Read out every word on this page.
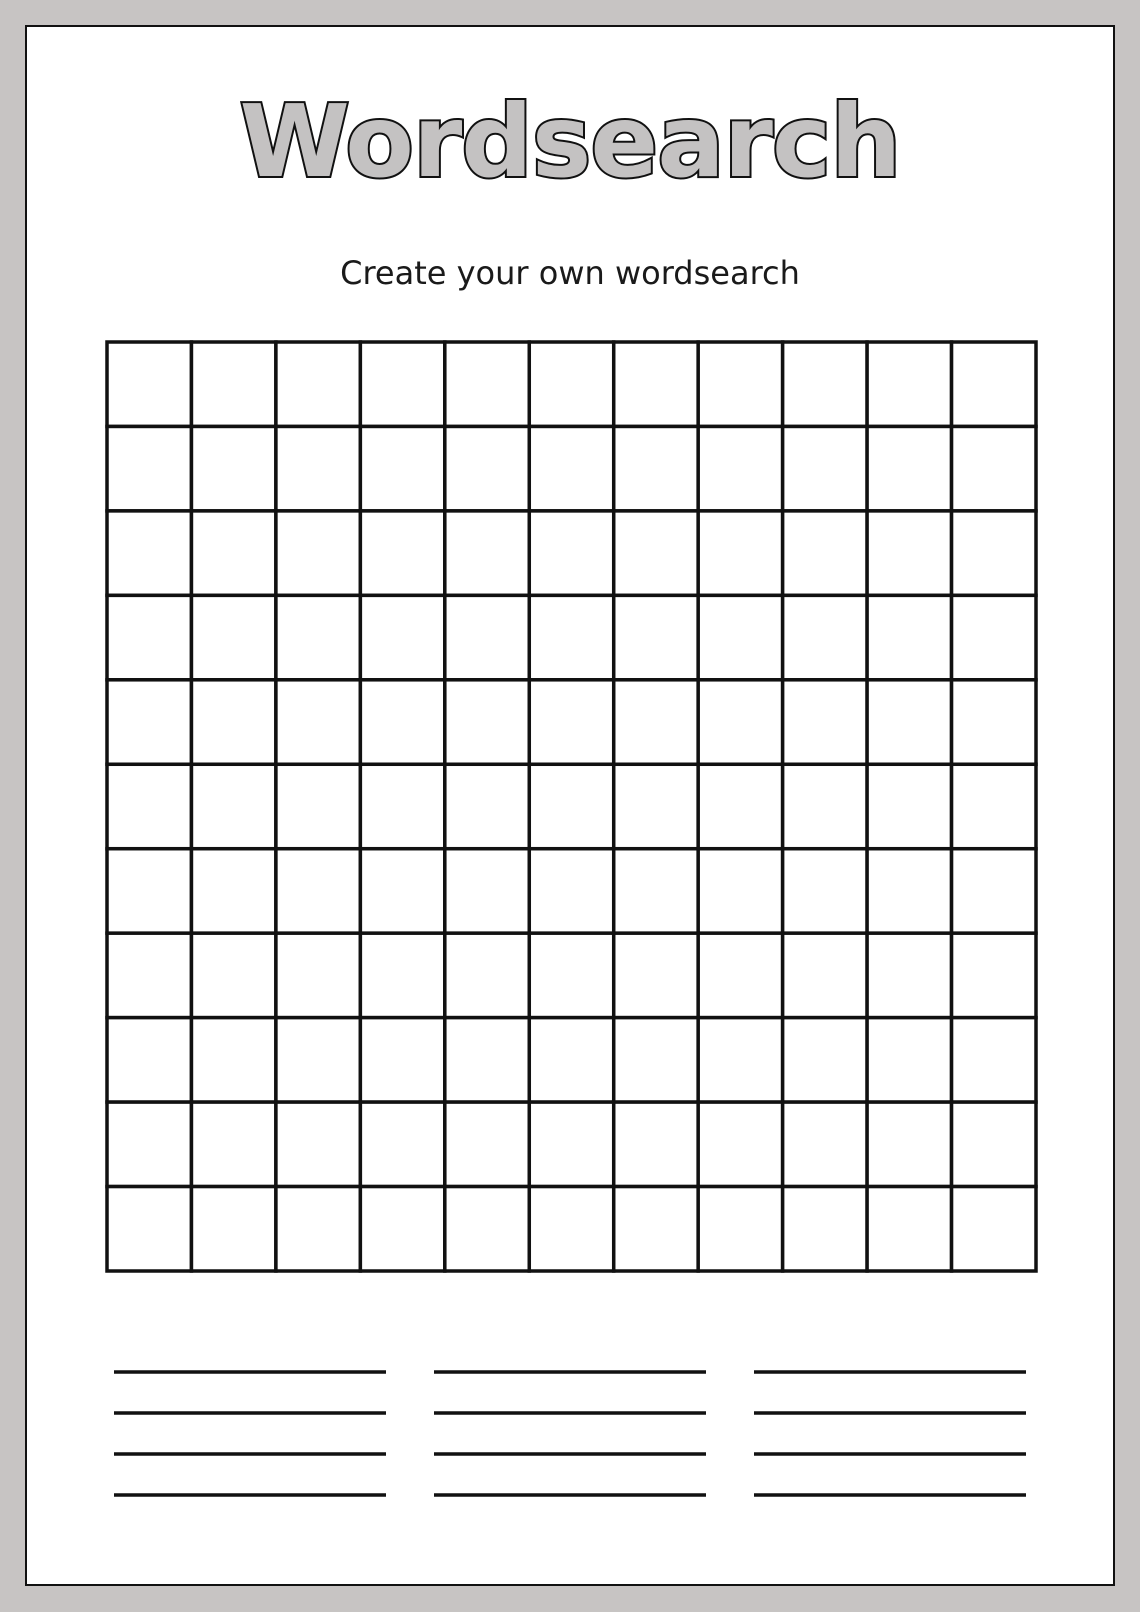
Wordsearch

Create your own wordsearch
